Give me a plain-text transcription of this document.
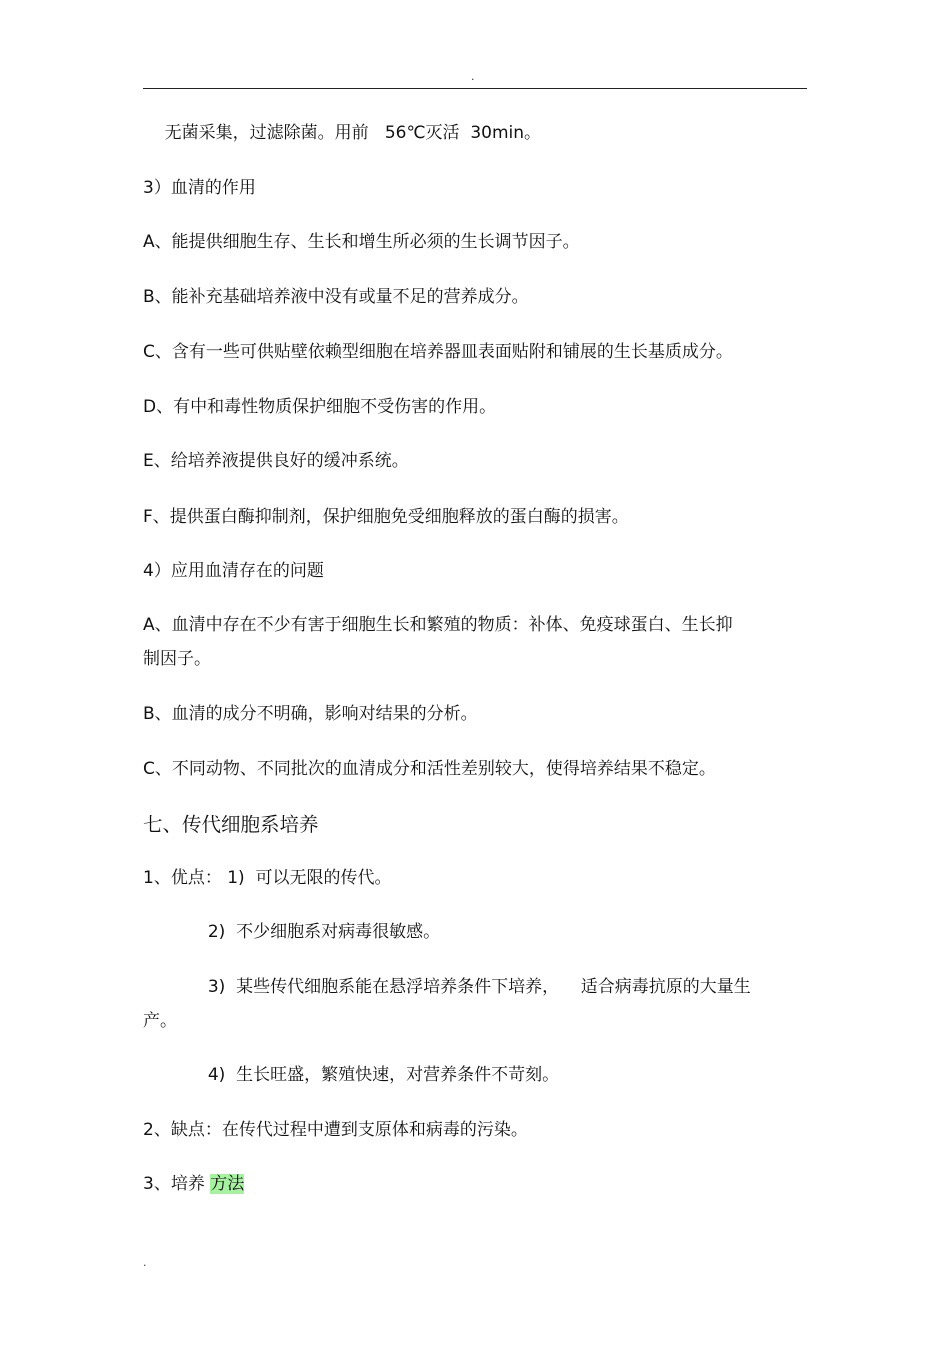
.
无菌采集，过滤除菌。用前   56℃灭活  30min。
3）血清的作用
A、能提供细胞生存、生长和增生所必须的生长调节因子。
B、能补充基础培养液中没有或量不足的营养成分。
C、含有一些可供贴壁依赖型细胞在培养器皿表面贴附和铺展的生长基质成分。
D、有中和毒性物质保护细胞不受伤害的作用。
E、给培养液提供良好的缓冲系统。
F、提供蛋白酶抑制剂，保护细胞免受细胞释放的蛋白酶的损害。
4）应用血清存在的问题
A、血清中存在不少有害于细胞生长和繁殖的物质：补体、免疫球蛋白、生长抑
制因子。
B、血清的成分不明确，影响对结果的分析。
C、不同动物、不同批次的血清成分和活性差别较大，使得培养结果不稳定。
七、传代细胞系培养
1、优点： 1)  可以无限的传代。
2)  不少细胞系对病毒很敏感。
3)  某些传代细胞系能在悬浮培养条件下培养，    适合病毒抗原的大量生
产。
4)  生长旺盛，繁殖快速，对营养条件不苛刻。
2、缺点：在传代过程中遭到支原体和病毒的污染。
3、培养 方法
.
